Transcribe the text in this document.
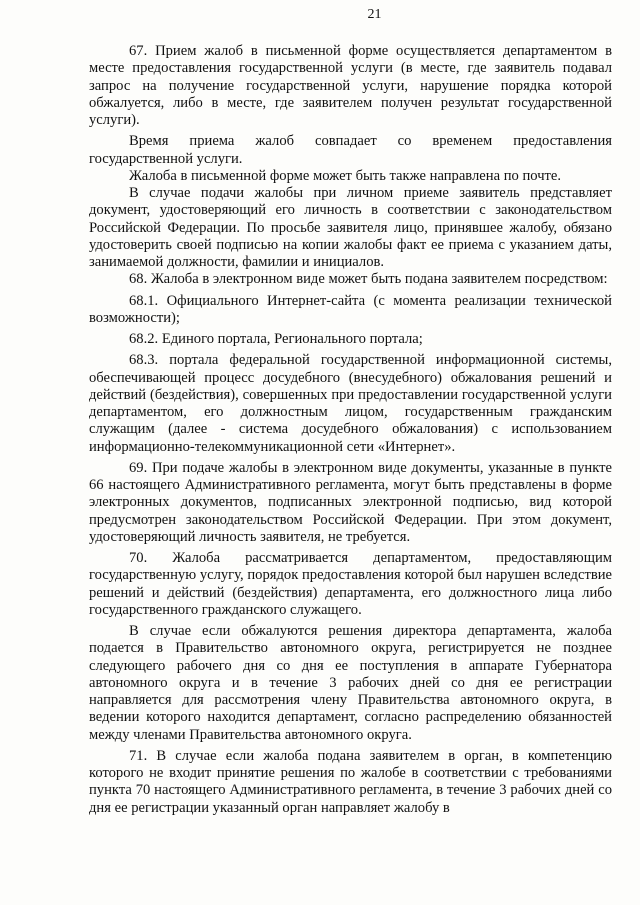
21

67. Прием жалоб в письменной форме осуществляется департаментом в месте предоставления государственной услуги (в месте, где заявитель подавал запрос на получение государственной услуги, нарушение порядка которой обжалуется, либо в месте, где заявителем получен результат государственной услуги).

Время приема жалоб совпадает со временем предоставления государственной услуги.

Жалоба в письменной форме может быть также направлена по почте.

В случае подачи жалобы при личном приеме заявитель представляет документ, удостоверяющий его личность в соответствии с законодательством Российской Федерации. По просьбе заявителя лицо, принявшее жалобу, обязано удостоверить своей подписью на копии жалобы факт ее приема с указанием даты, занимаемой должности, фамилии и инициалов.

68. Жалоба в электронном виде может быть подана заявителем посредством:

68.1. Официального Интернет-сайта (с момента реализации технической возможности);

68.2. Единого портала, Регионального портала;

68.3. портала федеральной государственной информационной системы, обеспечивающей процесс досудебного (внесудебного) обжалования решений и действий (бездействия), совершенных при предоставлении государственной услуги департаментом, его должностным лицом, государственным гражданским служащим (далее - система досудебного обжалования) с использованием информационно-телекоммуникационной сети «Интернет».

69. При подаче жалобы в электронном виде документы, указанные в пункте 66 настоящего Административного регламента, могут быть представлены в форме электронных документов, подписанных электронной подписью, вид которой предусмотрен законодательством Российской Федерации. При этом документ, удостоверяющий личность заявителя, не требуется.

70. Жалоба рассматривается департаментом, предоставляющим государственную услугу, порядок предоставления которой был нарушен вследствие решений и действий (бездействия) департамента, его должностного лица либо государственного гражданского служащего.

В случае если обжалуются решения директора департамента, жалоба подается в Правительство автономного округа, регистрируется не позднее следующего рабочего дня со дня ее поступления в аппарате Губернатора автономного округа и в течение 3 рабочих дней со дня ее регистрации направляется для рассмотрения члену Правительства автономного округа, в ведении которого находится департамент, согласно распределению обязанностей между членами Правительства автономного округа.

71. В случае если жалоба подана заявителем в орган, в компетенцию которого не входит принятие решения по жалобе в соответствии с требованиями пункта 70 настоящего Административного регламента, в течение 3 рабочих дней со дня ее регистрации указанный орган направляет жалобу в
